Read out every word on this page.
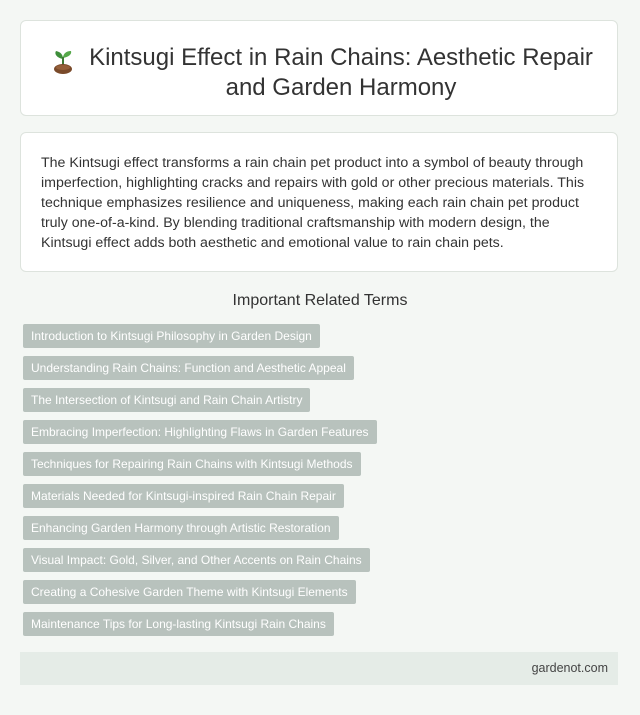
Kintsugi Effect in Rain Chains: Aesthetic Repair and Garden Harmony

The Kintsugi effect transforms a rain chain pet product into a symbol of beauty through imperfection, highlighting cracks and repairs with gold or other precious materials. This technique emphasizes resilience and uniqueness, making each rain chain pet product truly one-of-a-kind. By blending traditional craftsmanship with modern design, the Kintsugi effect adds both aesthetic and emotional value to rain chain pets.

Important Related Terms
Introduction to Kintsugi Philosophy in Garden Design
Understanding Rain Chains: Function and Aesthetic Appeal
The Intersection of Kintsugi and Rain Chain Artistry
Embracing Imperfection: Highlighting Flaws in Garden Features
Techniques for Repairing Rain Chains with Kintsugi Methods
Materials Needed for Kintsugi-inspired Rain Chain Repair
Enhancing Garden Harmony through Artistic Restoration
Visual Impact: Gold, Silver, and Other Accents on Rain Chains
Creating a Cohesive Garden Theme with Kintsugi Elements
Maintenance Tips for Long-lasting Kintsugi Rain Chains
gardenot.com
